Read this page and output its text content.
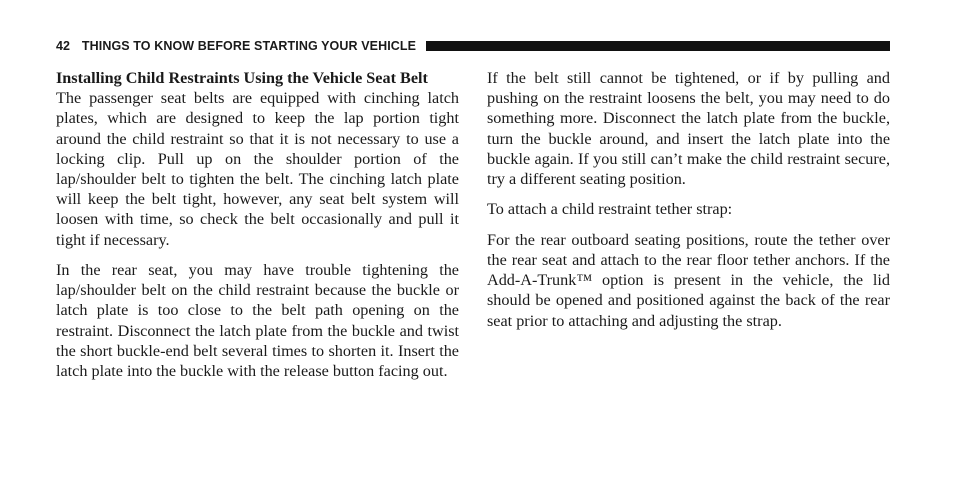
42 THINGS TO KNOW BEFORE STARTING YOUR VEHICLE

Installing Child Restraints Using the Vehicle Seat Belt

The passenger seat belts are equipped with cinching latch plates, which are designed to keep the lap portion tight around the child restraint so that it is not necessary to use a locking clip. Pull up on the shoulder portion of the lap/shoulder belt to tighten the belt. The cinching latch plate will keep the belt tight, however, any seat belt system will loosen with time, so check the belt occasionally and pull it tight if necessary.

In the rear seat, you may have trouble tightening the lap/shoulder belt on the child restraint because the buckle or latch plate is too close to the belt path opening on the restraint. Disconnect the latch plate from the buckle and twist the short buckle-end belt several times to shorten it. Insert the latch plate into the buckle with the release button facing out.

If the belt still cannot be tightened, or if by pulling and pushing on the restraint loosens the belt, you may need to do something more. Disconnect the latch plate from the buckle, turn the buckle around, and insert the latch plate into the buckle again. If you still can’t make the child restraint secure, try a different seating position.

To attach a child restraint tether strap:

For the rear outboard seating positions, route the tether over the rear seat and attach to the rear floor tether anchors. If the Add-A-Trunk™ option is present in the vehicle, the lid should be opened and positioned against the back of the rear seat prior to attaching and adjusting the strap.
